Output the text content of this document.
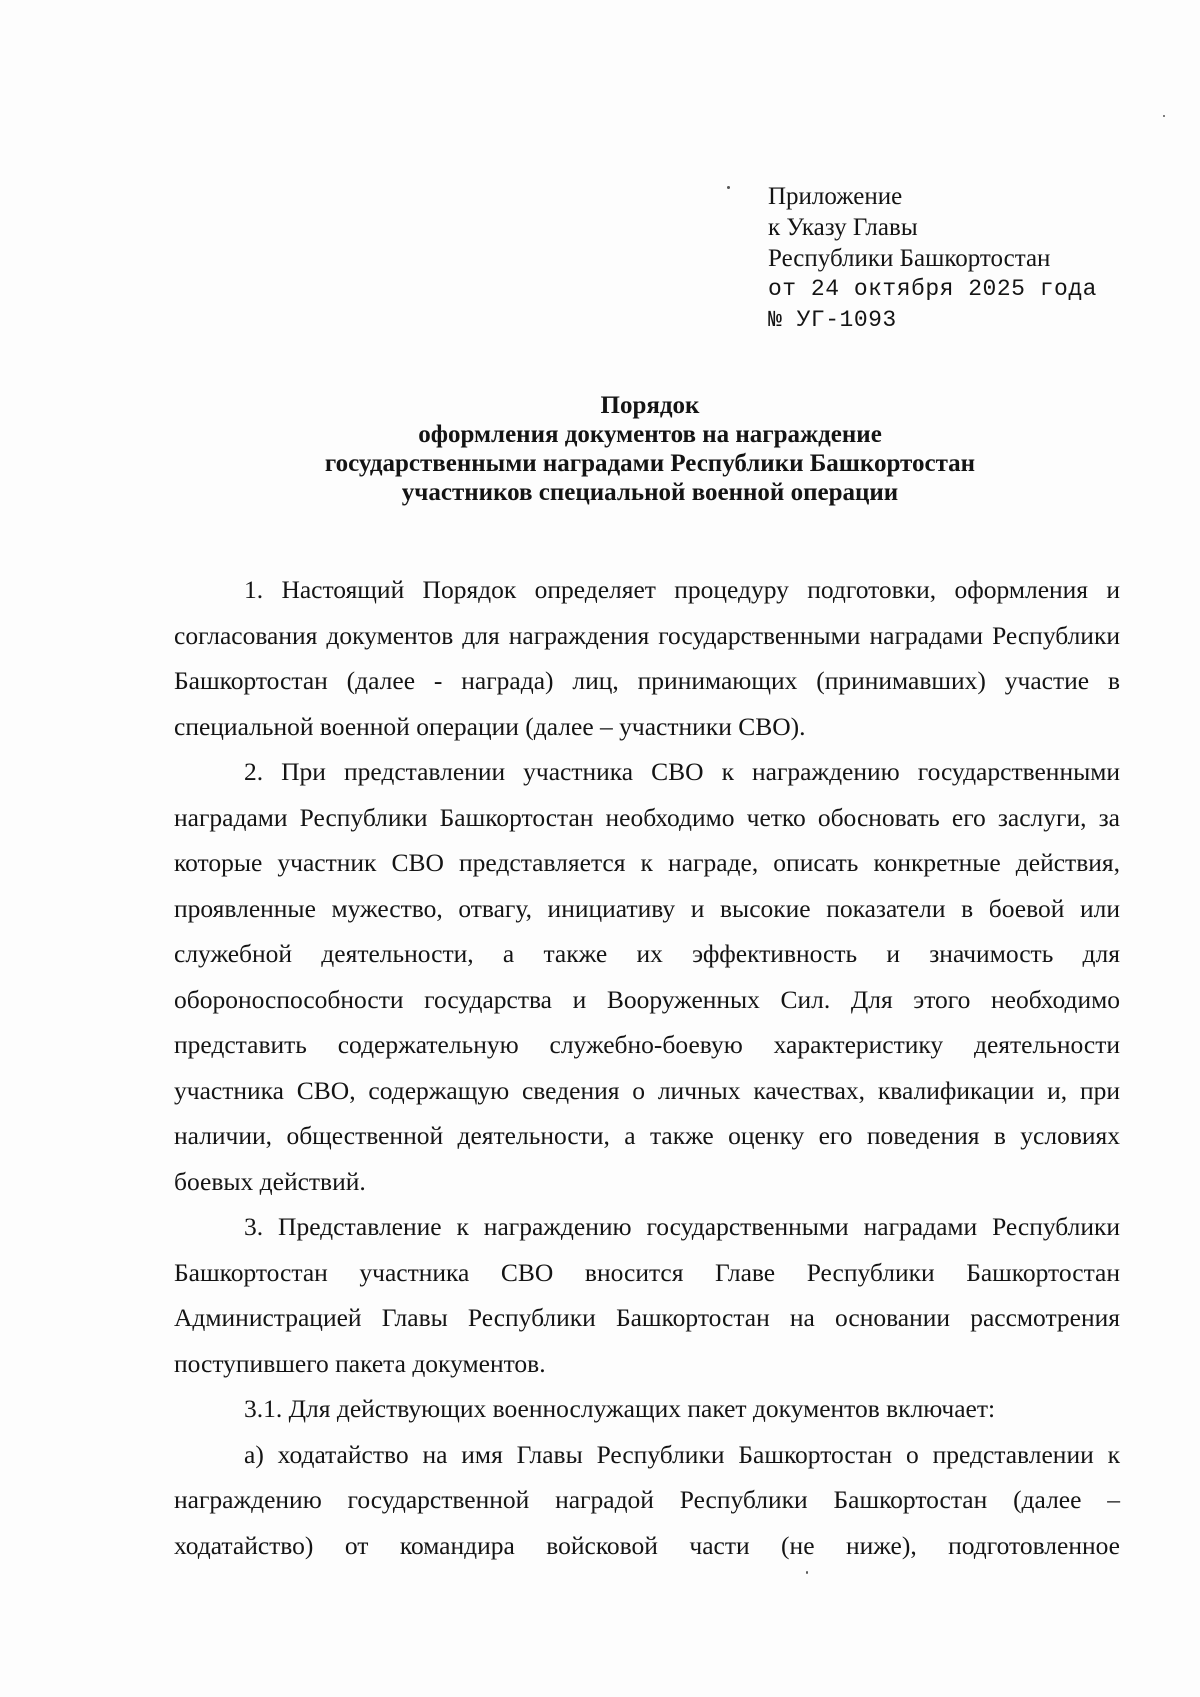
Приложение
к Указу Главы
Республики Башкортостан
от 24 октября 2025 года
№ УГ-1093
Порядок
оформления документов на награждение
государственными наградами Республики Башкортостан
участников специальной военной операции

1. Настоящий Порядок определяет процедуру подготовки, оформления и согласования документов для награждения государственными наградами Республики Башкортостан (далее - награда) лиц, принимающих (принимавших) участие в специальной военной операции (далее – участники СВО).

2. При представлении участника СВО к награждению государственными наградами Республики Башкортостан необходимо четко обосновать его заслуги, за которые участник СВО представляется к награде, описать конкретные действия, проявленные мужество, отвагу, инициативу и высокие показатели в боевой или служебной деятельности, а также их эффективность и значимость для обороноспособности государства и Вооруженных Сил. Для этого необходимо представить содержательную служебно-боевую характеристику деятельности участника СВО, содержащую сведения о личных качествах, квалификации и, при наличии, общественной деятельности, а также оценку его поведения в условиях боевых действий.

3. Представление к награждению государственными наградами Республики Башкортостан участника СВО вносится Главе Республики Башкортостан Администрацией Главы Республики Башкортостан на основании рассмотрения поступившего пакета документов.

3.1. Для действующих военнослужащих пакет документов включает:

а) ходатайство на имя Главы Республики Башкортостан о представлении к награждению государственной наградой Республики Башкортостан (далее – ходатайство) от командира войсковой части (не ниже), подготовленное
